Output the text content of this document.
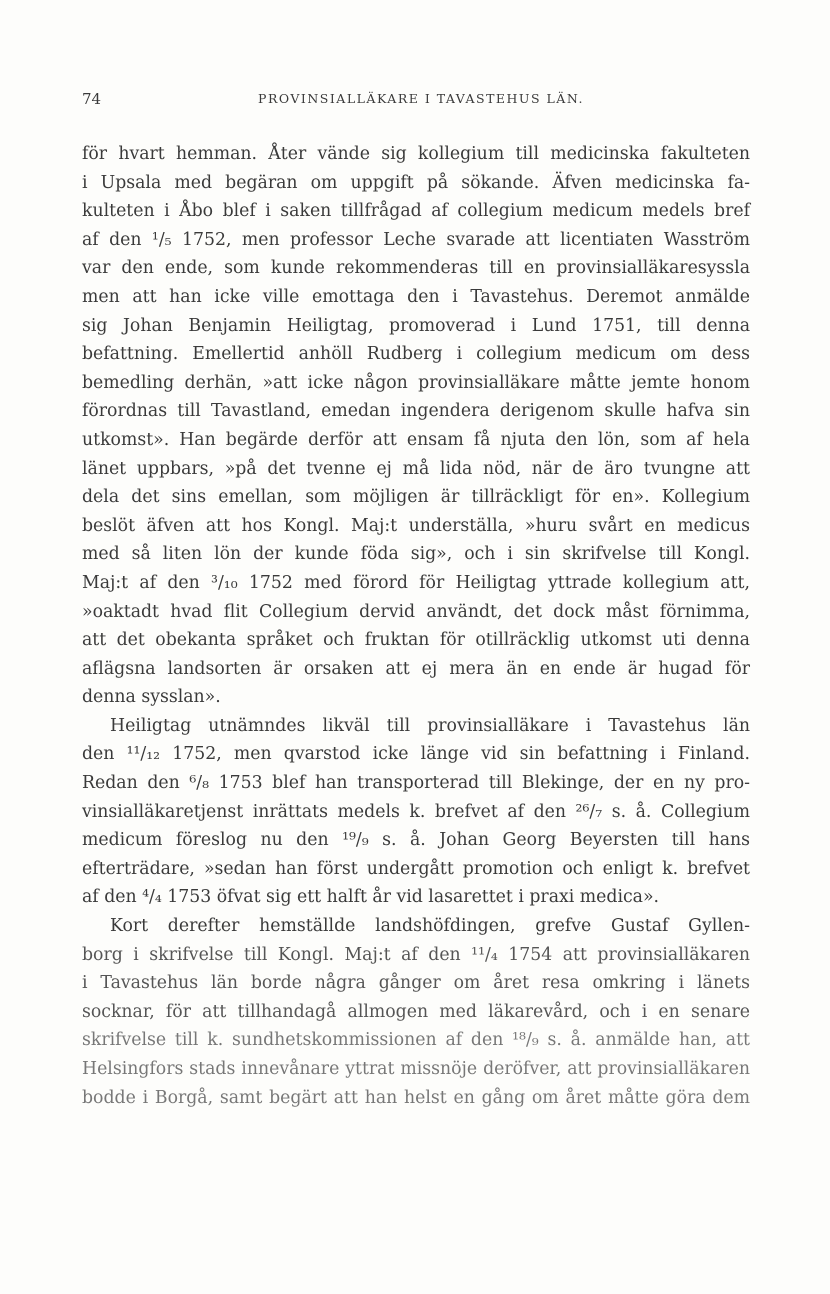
74	PROVINSIALLÄKARE I TAVASTEHUS LÄN.
för hvart hemman. Åter vände sig kollegium till medicinska fakulteten
i Upsala med begäran om uppgift på sökande. Äfven medicinska fa-
kulteten i Åbo blef i saken tillfrågad af collegium medicum medels bref
af den ¹/₅ 1752, men professor Leche svarade att licentiaten Wasström
var den ende, som kunde rekommenderas till en provinsialläkaresyssla
men att han icke ville emottaga den i Tavastehus. Deremot anmälde
sig Johan Benjamin Heiligtag, promoverad i Lund 1751, till denna
befattning. Emellertid anhöll Rudberg i collegium medicum om dess
bemedling derhän, »att icke någon provinsialläkare måtte jemte honom
förordnas till Tavastland, emedan ingendera derigenom skulle hafva sin
utkomst». Han begärde derför att ensam få njuta den lön, som af hela
länet uppbars, »på det tvenne ej må lida nöd, när de äro tvungne att
dela det sins emellan, som möjligen är tillräckligt för en». Kollegium
beslöt äfven att hos Kongl. Maj:t underställa, »huru svårt en medicus
med så liten lön der kunde föda sig», och i sin skrifvelse till Kongl.
Maj:t af den ³/₁₀ 1752 med förord för Heiligtag yttrade kollegium att,
»oaktadt hvad flit Collegium dervid användt, det dock måst förnimma,
att det obekanta språket och fruktan för otillräcklig utkomst uti denna
aflägsna landsorten är orsaken att ej mera än en ende är hugad för
denna sysslan».
Heiligtag utnämndes likväl till provinsialläkare i Tavastehus län
den ¹¹/₁₂ 1752, men qvarstod icke länge vid sin befattning i Finland.
Redan den ⁶/₈ 1753 blef han transporterad till Blekinge, der en ny pro-
vinsialläkaretjenst inrättats medels k. brefvet af den ²⁶/₇ s. å. Collegium
medicum föreslog nu den ¹⁹/₉ s. å. Johan Georg Beyersten till hans
efterträdare, »sedan han först undergått promotion och enligt k. brefvet
af den ⁴/₄ 1753 öfvat sig ett halft år vid lasarettet i praxi medica».
Kort derefter hemställde landshöfdingen, grefve Gustaf Gyllen-
borg i skrifvelse till Kongl. Maj:t af den ¹¹/₄ 1754 att provinsialläkaren
i Tavastehus län borde några gånger om året resa omkring i länets
socknar, för att tillhandagå allmogen med läkarevård, och i en senare
skrifvelse till k. sundhetskommissionen af den ¹⁸/₉ s. å. anmälde han, att
Helsingfors stads innevånare yttrat missnöje deröfver, att provinsialläkaren
bodde i Borgå, samt begärt att han helst en gång om året måtte göra dem
